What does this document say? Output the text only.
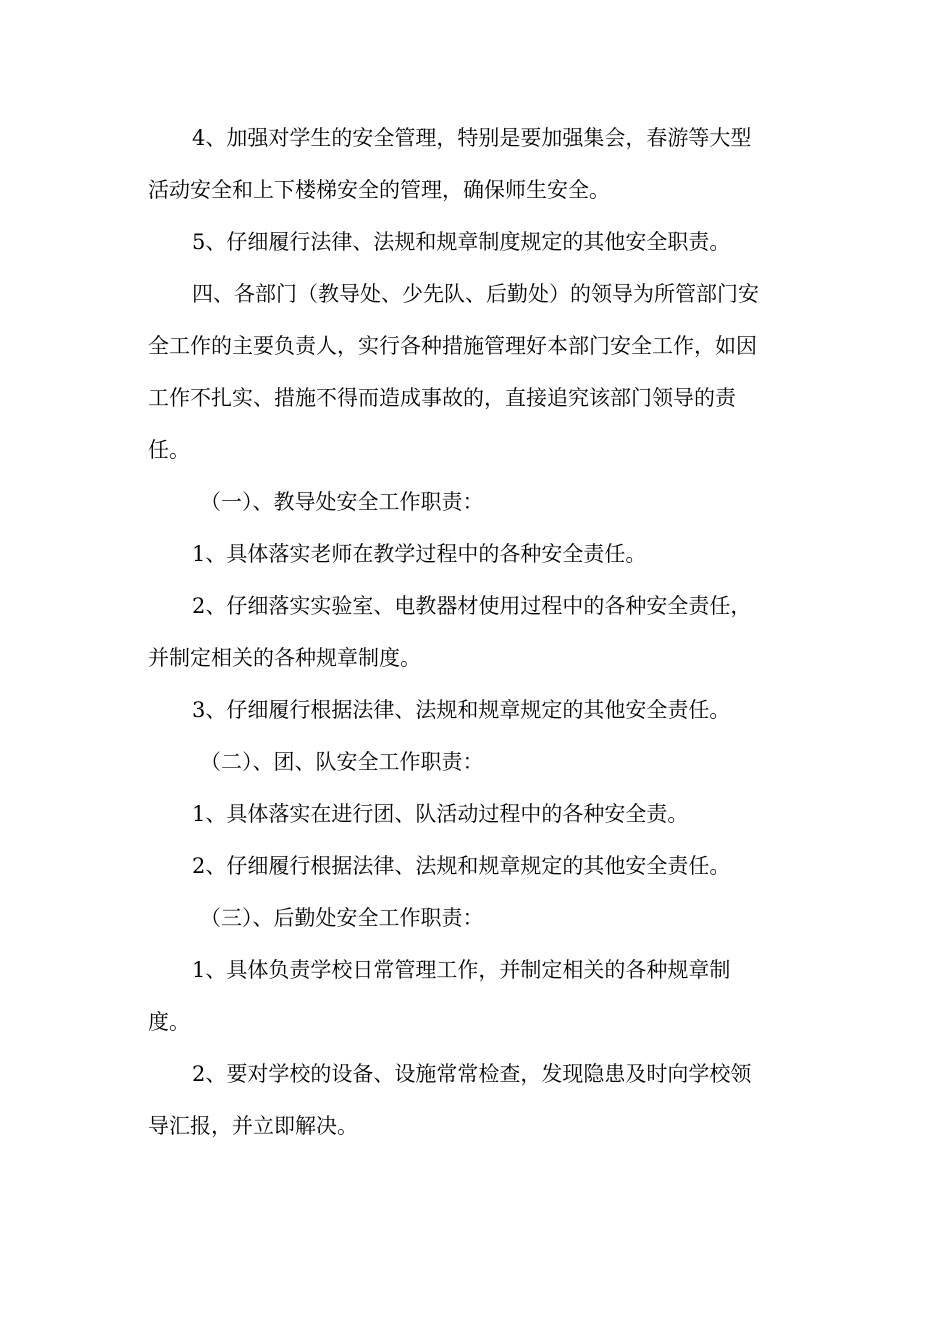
4、加强对学生的安全管理，特别是要加强集会，春游等大型
活动安全和上下楼梯安全的管理，确保师生安全。

5、仔细履行法律、法规和规章制度规定的其他安全职责。

四、各部门（教导处、少先队、后勤处）的领导为所管部门安
全工作的主要负责人，实行各种措施管理好本部门安全工作，如因
工作不扎实、措施不得而造成事故的，直接追究该部门领导的责
任。

（一）、教导处安全工作职责：

1、具体落实老师在教学过程中的各种安全责任。

2、仔细落实实验室、电教器材使用过程中的各种安全责任，
并制定相关的各种规章制度。

3、仔细履行根据法律、法规和规章规定的其他安全责任。

（二）、团、队安全工作职责：

1、具体落实在进行团、队活动过程中的各种安全责。

2、仔细履行根据法律、法规和规章规定的其他安全责任。

（三）、后勤处安全工作职责：

1、具体负责学校日常管理工作，并制定相关的各种规章制
度。

2、要对学校的设备、设施常常检查，发现隐患及时向学校领
导汇报，并立即解决。
